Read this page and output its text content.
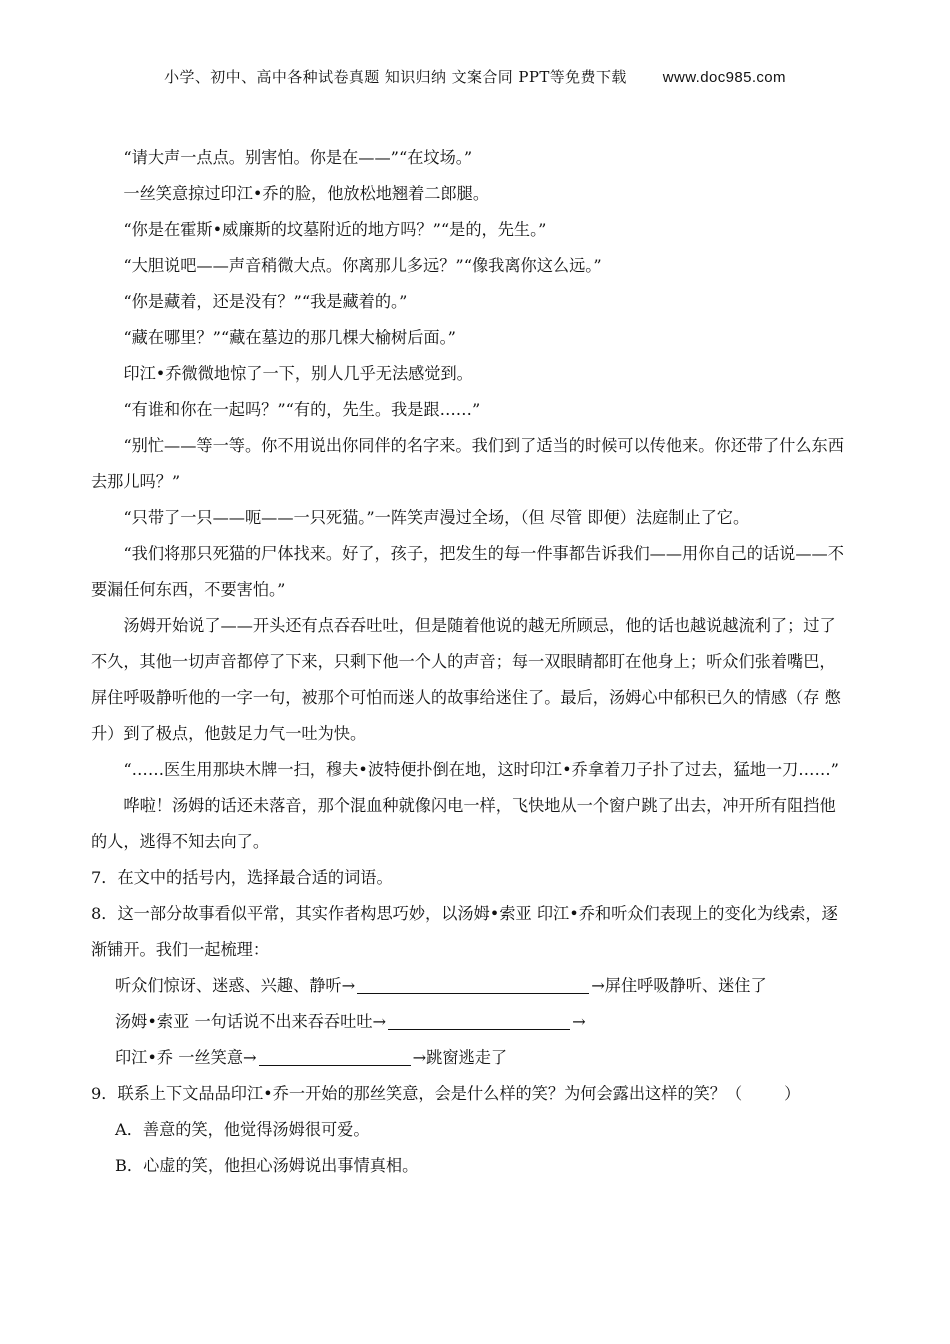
小学、初中、高中各种试卷真题 知识归纳 文案合同 PPT等免费下载 www.doc985.com

“请大声一点点。别害怕。你是在——”“在坟场。”

一丝笑意掠过印江•乔的脸，他放松地翘着二郎腿。

“你是在霍斯•威廉斯的坟墓附近的地方吗？”“是的，先生。”

“大胆说吧——声音稍微大点。你离那儿多远？”“像我离你这么远。”

“你是藏着，还是没有？”“我是藏着的。”

“藏在哪里？”“藏在墓边的那几棵大榆树后面。”

印江•乔微微地惊了一下，别人几乎无法感觉到。

“有谁和你在一起吗？”“有的，先生。我是跟……”

“别忙——等一等。你不用说出你同伴的名字来。我们到了适当的时候可以传他来。你还带了什么东西去那儿吗？”

“只带了一只——呃——一只死猫。”一阵笑声漫过全场，（但 尽管 即便）法庭制止了它。

“我们将那只死猫的尸体找来。好了，孩子，把发生的每一件事都告诉我们——用你自己的话说——不要漏任何东西，不要害怕。”

汤姆开始说了——开头还有点吞吞吐吐，但是随着他说的越无所顾忌，他的话也越说越流利了；过了不久，其他一切声音都停了下来，只剩下他一个人的声音；每一双眼睛都盯在他身上；听众们张着嘴巴，屏住呼吸静听他的一字一句，被那个可怕而迷人的故事给迷住了。最后，汤姆心中郁积已久的情感（存 憋 升）到了极点，他鼓足力气一吐为快。

“……医生用那块木牌一扫，穆夫•波特便扑倒在地，这时印江•乔拿着刀子扑了过去，猛地一刀……”

哗啦！汤姆的话还未落音，那个混血种就像闪电一样，飞快地从一个窗户跳了出去，冲开所有阻挡他的人，逃得不知去向了。

7．在文中的括号内，选择最合适的词语。

8．这一部分故事看似平常，其实作者构思巧妙，以汤姆•索亚 印江•乔和听众们表现上的变化为线索，逐渐铺开。我们一起梳理：

听众们惊讶、迷惑、兴趣、静听→	→屏住呼吸静听、迷住了

汤姆•索亚 一句话说不出来吞吞吐吐→	→

印江•乔 一丝笑意→	→跳窗逃走了

9．联系上下文品品印江•乔一开始的那丝笑意，会是什么样的笑？为何会露出这样的笑？（	）

A．善意的笑，他觉得汤姆很可爱。

B．心虚的笑，他担心汤姆说出事情真相。
